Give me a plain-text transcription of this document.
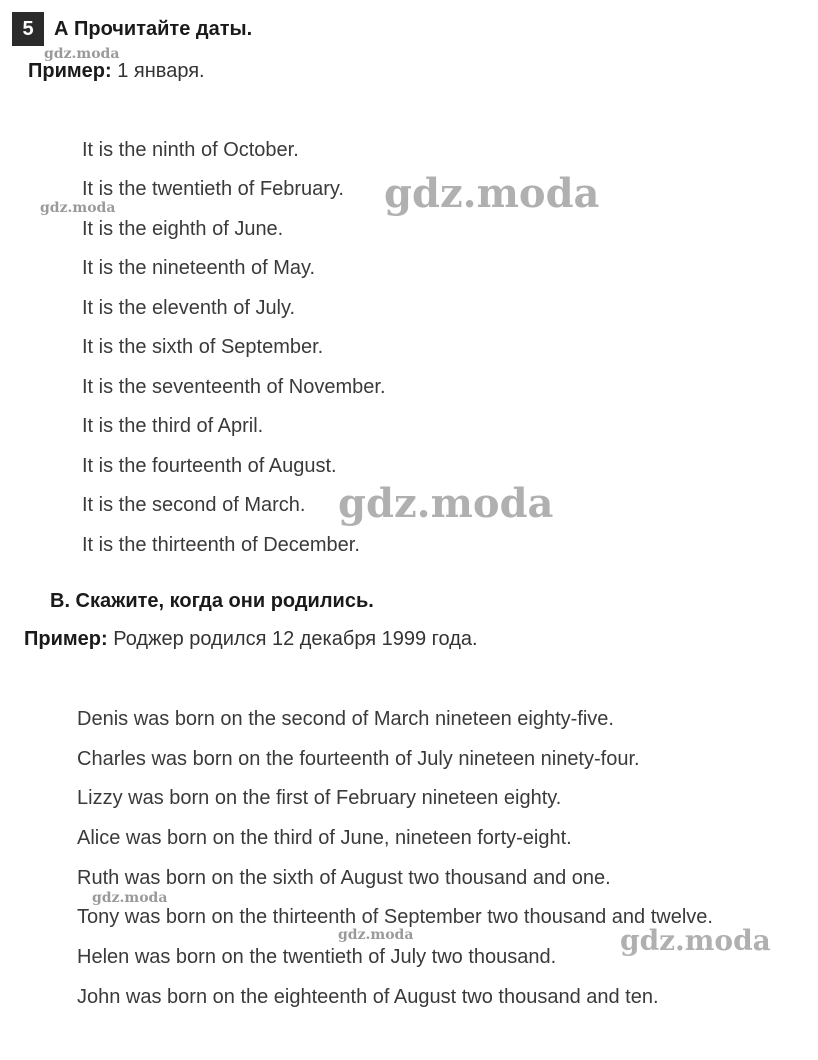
5	А Прочитайте даты.
Пример: 1 января.
It is the ninth of October.
It is the twentieth of February.
It is the eighth of June.
It is the nineteenth of May.
It is the eleventh of July.
It is the sixth of September.
It is the seventeenth of November.
It is the third of April.
It is the fourteenth of August.
It is the second of March.
It is the thirteenth of December.
В. Скажите, когда они родились.
Пример: Роджер родился 12 декабря 1999 года.
Denis was born on the second of March nineteen eighty-five.
Charles was born on the fourteenth of July nineteen ninety-four.
Lizzy was born on the first of February nineteen eighty.
Alice was born on the third of June, nineteen forty-eight.
Ruth was born on the sixth of August two thousand and one.
Tony was born on the thirteenth of September two thousand and twelve.
Helen was born on the twentieth of July two thousand.
John was born on the eighteenth of August two thousand and ten.
gdz.moda
gdz.moda	gdz.moda
gdz.moda
gdz.moda
gdz.moda	gdz.moda
